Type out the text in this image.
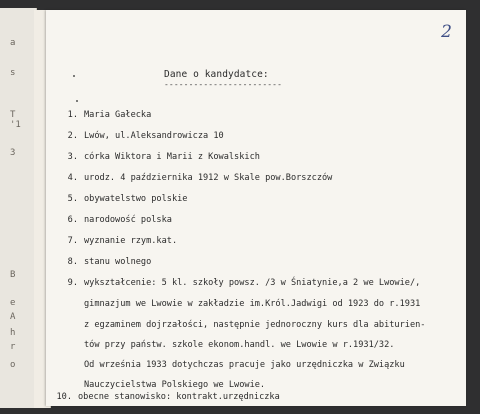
a
s
T
'1
3
B
e
A
h
r
o
2
Dane o kandydatce:
------------------------
1. Maria Gałecka
2. Lwów, ul.Aleksandrowicza 10
3. córka Wiktora i Marii z Kowalskich
4. urodz. 4 października 1912 w Skale pow.Borszczów
5. obywatelstwo polskie
6. narodowość polska
7. wyznanie rzym.kat.
8. stanu wolnego
9. wykształcenie: 5 kl. szkoły powsz. /3 w Śniatynie,a 2 we Lwowie/,
gimnazjum we Lwowie w zakładzie im.Król.Jadwigi od 1923 do r.1931
z egzaminem dojrzałości, następnie jednoroczny kurs dla abiturien-
tów przy państw. szkole ekonom.handl. we Lwowie w r.1931/32.
Od września 1933 dotychczas pracuje jako urzędniczka w Związku
Nauczycielstwa Polskiego we Lwowie.
10. obecne stanowisko: kontrakt.urzędniczka
